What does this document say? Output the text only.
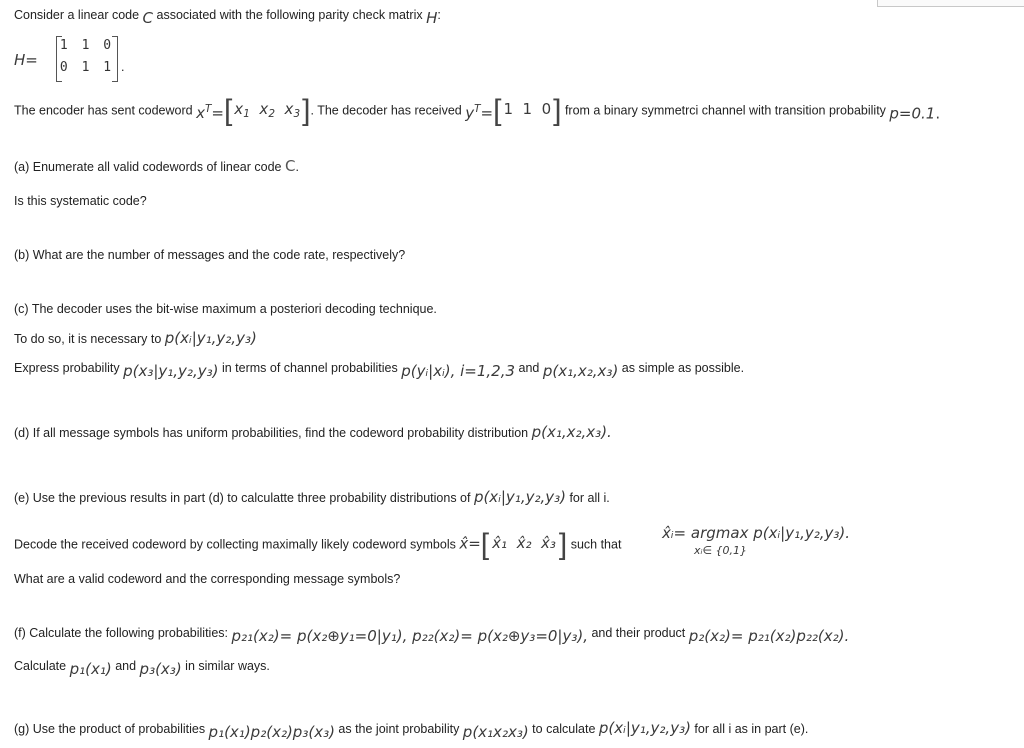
Consider a linear code C associated with the following parity check matrix H:
H=
1 1 0
0 1 1 .
The encoder has sent codeword $x^T=$[ $x_1$ $x_2$ $x_3$]. The decoder has received $y^T=$[ 1  1  0] from a binary symmetrci channel with transition probability p=0.1.
(a) Enumerate all valid codewords of linear code C.
Is this systematic code?
(b) What are the number of messages and the code rate, respectively?
(c) The decoder uses the bit-wise maximum a posteriori decoding technique.
To do so, it is necessary to p(xᵢ|y₁,y₂,y₃)
Express probability p(x₃|y₁,y₂,y₃) in terms of channel probabilities p(yᵢ|xᵢ), i=1,2,3 and p(x₁,x₂,x₃) as simple as possible.
(d) If all message symbols has uniform probabilities, find the codeword probability distribution p(x₁,x₂,x₃).
(e) Use the previous results in part (d) to calculatte three probability distributions of p(xᵢ|y₁,y₂,y₃) for all i.
Decode the received codeword by collecting maximally likely codeword symbols x̂=[ x̂₁  x̂₂  x̂₃ ] such that
x̂ᵢ= argmax p(xᵢ|y₁,y₂,y₃).
xᵢ∈ {0,1}
What are a valid codeword and the corresponding message symbols?
(f) Calculate the following probabilities: p₂₁(x₂)= p(x₂⊕y₁=0|y₁), p₂₂(x₂)= p(x₂⊕y₃=0|y₃), and their product p₂(x₂)= p₂₁(x₂)p₂₂(x₂).
Calculate p₁(x₁) and p₃(x₃) in similar ways.
(g) Use the product of probabilities p₁(x₁)p₂(x₂)p₃(x₃) as the joint probability p(x₁x₂x₃) to calculate p(xᵢ|y₁,y₂,y₃) for all i as in part (e).
